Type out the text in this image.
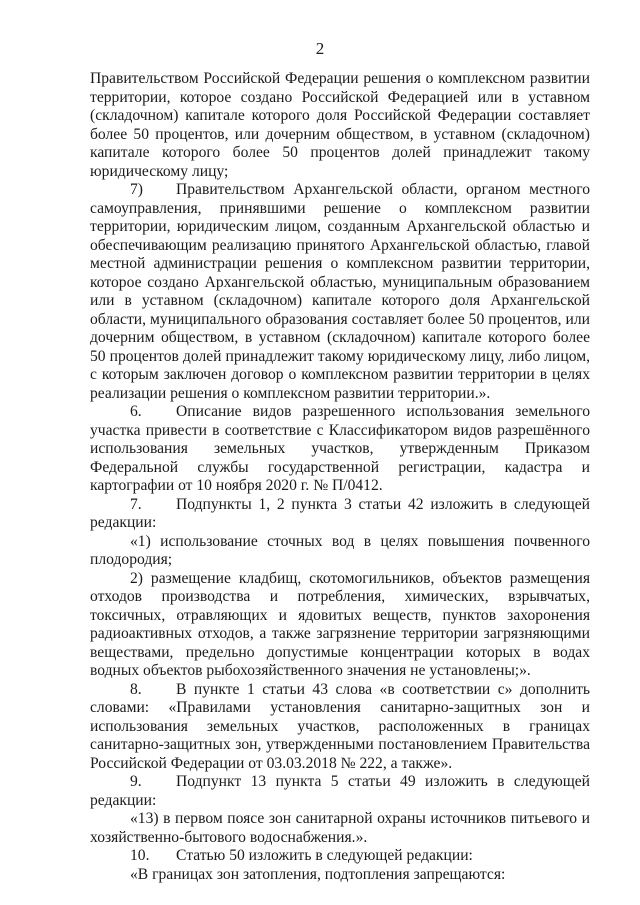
2

Правительством Российской Федерации решения о комплексном развитии территории, которое создано Российской Федерацией или в уставном (складочном) капитале которого доля Российской Федерации составляет более 50 процентов, или дочерним обществом, в уставном (складочном) капитале которого более 50 процентов долей принадлежит такому юридическому лицу;

7) Правительством Архангельской области, органом местного самоуправления, принявшими решение о комплексном развитии территории, юридическим лицом, созданным Архангельской областью и обеспечивающим реализацию принятого Архангельской областью, главой местной администрации решения о комплексном развитии территории, которое создано Архангельской областью, муниципальным образованием или в уставном (складочном) капитале которого доля Архангельской области, муниципального образования составляет более 50 процентов, или дочерним обществом, в уставном (складочном) капитале которого более 50 процентов долей принадлежит такому юридическому лицу, либо лицом, с которым заключен договор о комплексном развитии территории в целях реализации решения о комплексном развитии территории.».

6. Описание видов разрешенного использования земельного участка привести в соответствие с Классификатором видов разрешённого использования земельных участков, утвержденным Приказом Федеральной службы государственной регистрации, кадастра и картографии от 10 ноября 2020 г. № П/0412.

7. Подпункты 1, 2 пункта 3 статьи 42 изложить в следующей редакции:

«1) использование сточных вод в целях повышения почвенного плодородия;

2) размещение кладбищ, скотомогильников, объектов размещения отходов производства и потребления, химических, взрывчатых, токсичных, отравляющих и ядовитых веществ, пунктов захоронения радиоактивных отходов, а также загрязнение территории загрязняющими веществами, предельно допустимые концентрации которых в водах водных объектов рыбохозяйственного значения не установлены;».

8. В пункте 1 статьи 43 слова «в соответствии с» дополнить словами: «Правилами установления санитарно-защитных зон и использования земельных участков, расположенных в границах санитарно-защитных зон, утвержденными постановлением Правительства Российской Федерации от 03.03.2018 № 222, а также».

9. Подпункт 13 пункта 5 статьи 49 изложить в следующей редакции:

«13) в первом поясе зон санитарной охраны источников питьевого и хозяйственно-бытового водоснабжения.».

10. Статью 50 изложить в следующей редакции:

«В границах зон затопления, подтопления запрещаются:
